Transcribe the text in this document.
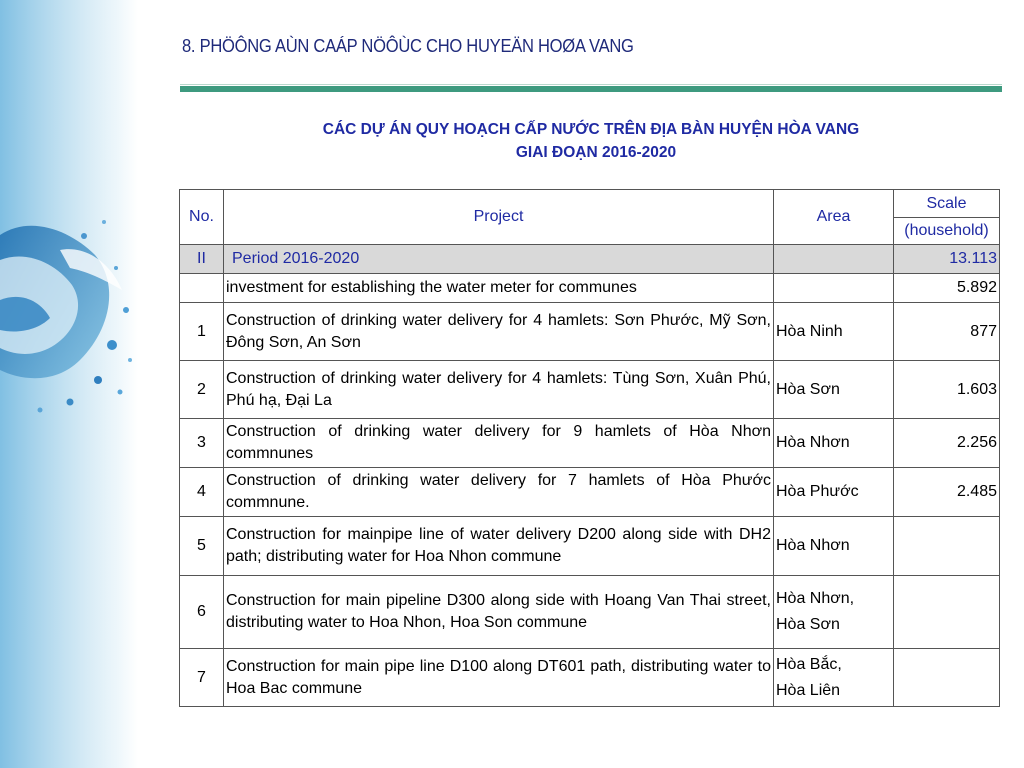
8. PHÖÔNG AÙN CAÁP NÖÔÙC CHO HUYEÄN HOØA VANG
CÁC DỰ ÁN QUY HOẠCH CẤP NƯỚC TRÊN ĐỊA BÀN HUYỆN HÒA VANG
GIAI ĐOẠN 2016-2020
No.	Project	Area	Scale
			(household)
II	Period 2016-2020		13.113
	investment for establishing the water meter for communes		5.892
1	Construction of drinking water delivery for 4 hamlets: Sơn Phước, Mỹ Sơn, Đông Sơn, An Sơn	Hòa Ninh	877
2	Construction of drinking water delivery for 4 hamlets: Tùng Sơn, Xuân Phú, Phú hạ, Đại La	Hòa Sơn	1.603
3	Construction of drinking water delivery for 9 hamlets of Hòa Nhơn commnunes	Hòa Nhơn	2.256
4	Construction of drinking water delivery for 7 hamlets of Hòa Phước commnune.	Hòa Phước	2.485
5	Construction for mainpipe line of water delivery D200 along side with DH2 path; distributing water for Hoa Nhon commune	Hòa Nhơn	
6	Construction for main pipeline D300 along side with Hoang Van Thai street, distributing water to Hoa Nhon, Hoa Son commune	Hòa Nhơn,
Hòa Sơn	

7	Construction for main pipe line D100 along DT601 path, distributing water to Hoa Bac commune	Hòa Bắc,
Hòa Liên	
